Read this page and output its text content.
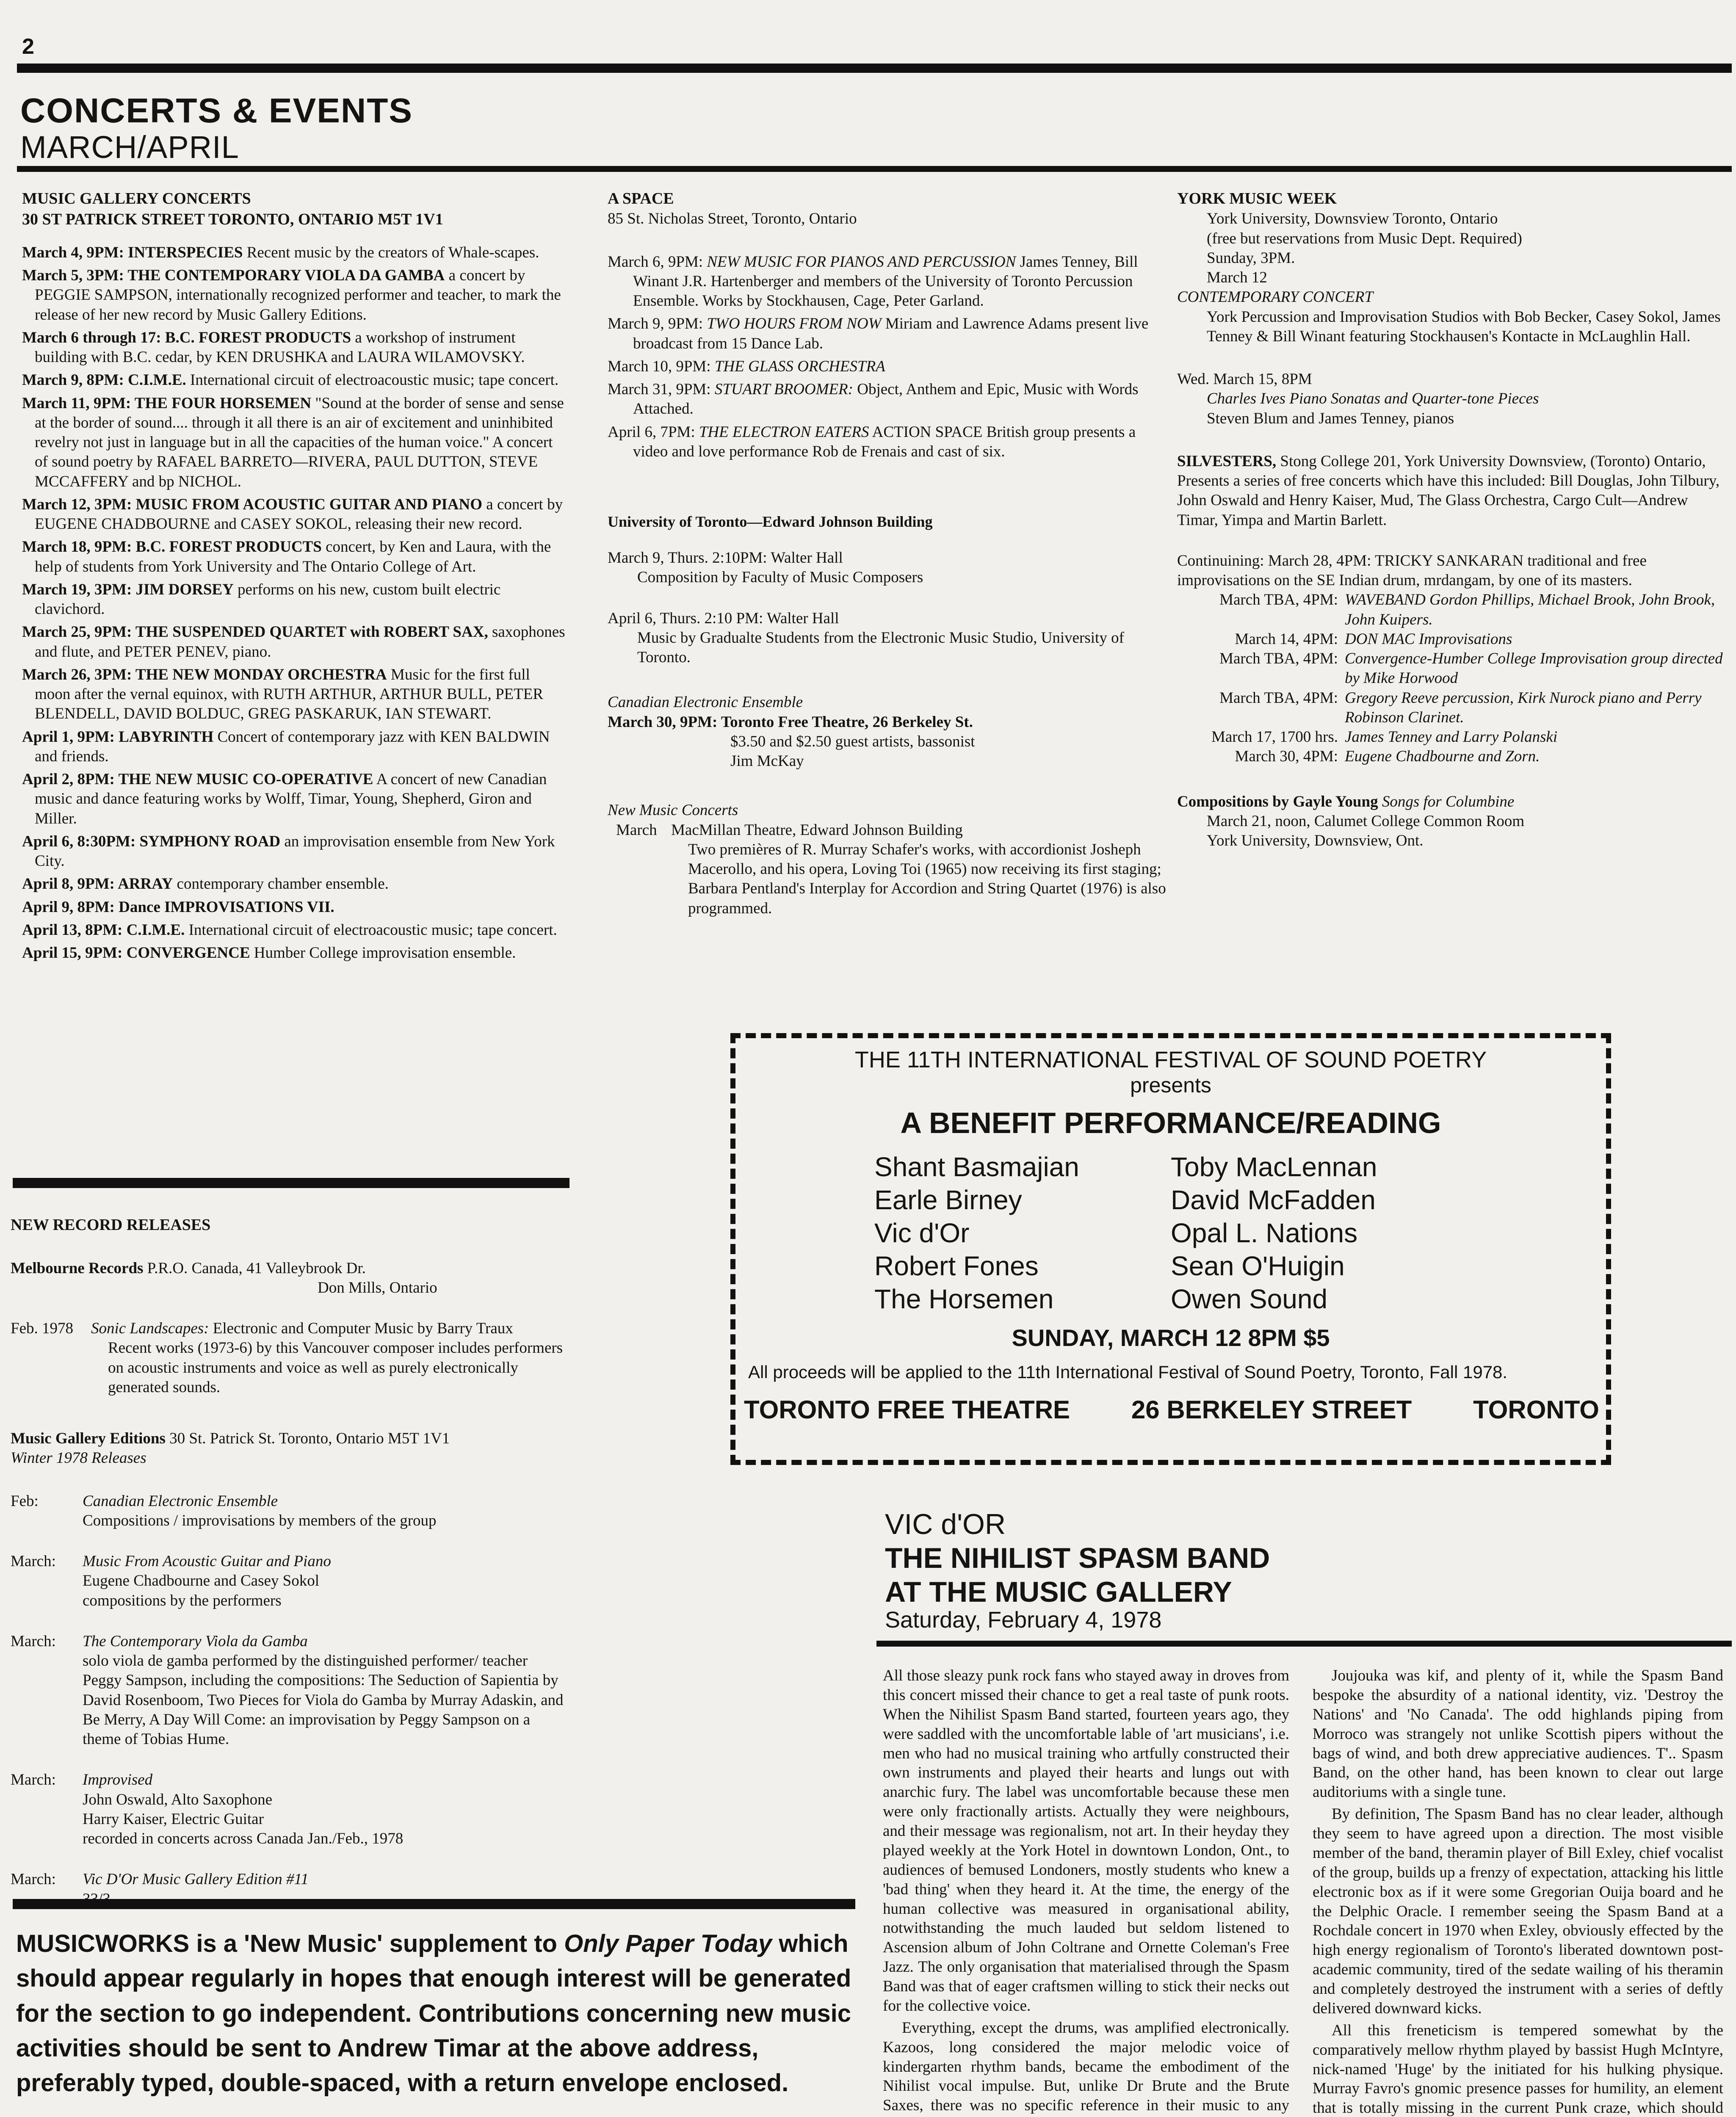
2
CONCERTS & EVENTS
MARCH/APRIL
MUSIC GALLERY CONCERTS
30 ST PATRICK STREET TORONTO, ONTARIO M5T 1V1

March 4, 9PM: INTERSPECIES Recent music by the creators of Whale-scapes.

March 5, 3PM: THE CONTEMPORARY VIOLA DA GAMBA a concert by PEGGIE SAMPSON, internationally recognized performer and teacher, to mark the release of her new record by Music Gallery Editions.

March 6 through 17: B.C. FOREST PRODUCTS a workshop of instrument building with B.C. cedar, by KEN DRUSHKA and LAURA WILAMOVSKY.

March 9, 8PM: C.I.M.E. International circuit of electroacoustic music; tape concert.

March 11, 9PM: THE FOUR HORSEMEN "Sound at the border of sense and sense at the border of sound.... through it all there is an air of excitement and uninhibited revelry not just in language but in all the capacities of the human voice." A concert of sound poetry by RAFAEL BARRETO—RIVERA, PAUL DUTTON, STEVE MCCAFFERY and bp NICHOL.

March 12, 3PM: MUSIC FROM ACOUSTIC GUITAR AND PIANO a concert by EUGENE CHADBOURNE and CASEY SOKOL, releasing their new record.

March 18, 9PM: B.C. FOREST PRODUCTS concert, by Ken and Laura, with the help of students from York University and The Ontario College of Art.

March 19, 3PM: JIM DORSEY performs on his new, custom built electric clavichord.

March 25, 9PM: THE SUSPENDED QUARTET with ROBERT SAX, saxophones and flute, and PETER PENEV, piano.

March 26, 3PM: THE NEW MONDAY ORCHESTRA Music for the first full moon after the vernal equinox, with RUTH ARTHUR, ARTHUR BULL, PETER BLENDELL, DAVID BOLDUC, GREG PASKARUK, IAN STEWART.

April 1, 9PM: LABYRINTH Concert of contemporary jazz with KEN BALDWIN and friends.

April 2, 8PM: THE NEW MUSIC CO-OPERATIVE A concert of new Canadian music and dance featuring works by Wolff, Timar, Young, Shepherd, Giron and Miller.

April 6, 8:30PM: SYMPHONY ROAD an improvisation ensemble from New York City.

April 8, 9PM: ARRAY contemporary chamber ensemble.

April 9, 8PM: Dance IMPROVISATIONS VII.

April 13, 8PM: C.I.M.E. International circuit of electroacoustic music; tape concert.

April 15, 9PM: CONVERGENCE Humber College improvisation ensemble.

NEW RECORD RELEASES
Melbourne Records P.R.O. Canada, 41 Valleybrook Dr.
Don Mills, Ontario
Feb. 1978	Sonic Landscapes: Electronic and Computer Music by Barry Traux
Recent works (1973-6) by this Vancouver composer includes performers on acoustic instruments and voice as well as purely electronically generated sounds.
Music Gallery Editions 30 St. Patrick St. Toronto, Ontario M5T 1V1
Winter 1978 Releases
Feb:	Canadian Electronic Ensemble
Compositions / improvisations by members of the group
March:	Music From Acoustic Guitar and Piano
Eugene Chadbourne and Casey Sokol
compositions by the performers
March:	The Contemporary Viola da Gamba
solo viola de gamba performed by the distinguished performer/ teacher Peggy Sampson, including the compositions: The Seduction of Sapientia by David Rosenboom, Two Pieces for Viola do Gamba by Murray Adaskin, and Be Merry, A Day Will Come: an improvisation by Peggy Sampson on a theme of Tobias Hume.
March:	Improvised
John Oswald, Alto Saxophone
Harry Kaiser, Electric Guitar
recorded in concerts across Canada Jan./Feb., 1978
March:	Vic D'Or Music Gallery Edition #11
A SPACE
85 St. Nicholas Street, Toronto, Ontario

March 6, 9PM: NEW MUSIC FOR PIANOS AND PERCUSSION James Tenney, Bill Winant J.R. Hartenberger and members of the University of Toronto Percussion Ensemble. Works by Stockhausen, Cage, Peter Garland.

March 9, 9PM: TWO HOURS FROM NOW Miriam and Lawrence Adams present live broadcast from 15 Dance Lab.

March 10, 9PM: THE GLASS ORCHESTRA

March 31, 9PM: STUART BROOMER: Object, Anthem and Epic, Music with Words Attached.

April 6, 7PM: THE ELECTRON EATERS ACTION SPACE British group presents a video and love performance Rob de Frenais and cast of six.

University of Toronto—Edward Johnson Building
March 9, Thurs. 2:10PM: Walter Hall
Composition by Faculty of Music Composers
April 6, Thurs. 2:10 PM: Walter Hall
Music by Gradualte Students from the Electronic Music Studio, University of Toronto.
Canadian Electronic Ensemble
March 30, 9PM: Toronto Free Theatre, 26 Berkeley St.
$3.50 and $2.50 guest artists, bassonist
Jim McKay
New Music Concerts
March MacMillan Theatre, Edward Johnson Building
Two premières of R. Murray Schafer's works, with accordionist Josheph Macerollo, and his opera, Loving Toi (1965) now receiving its first staging; Barbara Pentland's Interplay for Accordion and String Quartet (1976) is also programmed.
YORK MUSIC WEEK
York University, Downsview Toronto, Ontario
(free but reservations from Music Dept. Required)
Sunday, 3PM.
March 12
CONTEMPORARY CONCERT
York Percussion and Improvisation Studios with Bob Becker, Casey Sokol, James Tenney & Bill Winant featuring Stockhausen's Kontacte in McLaughlin Hall.
Wed. March 15, 8PM
Charles Ives Piano Sonatas and Quarter-tone Pieces
Steven Blum and James Tenney, pianos
SILVESTERS, Stong College 201, York University Downsview, (Toronto) Ontario, Presents a series of free concerts which have this included: Bill Douglas, John Tilbury, John Oswald and Henry Kaiser, Mud, The Glass Orchestra, Cargo Cult—Andrew Timar, Yimpa and Martin Barlett.
Continuining: March 28, 4PM: TRICKY SANKARAN traditional and free improvisations on the SE Indian drum, mrdangam, by one of its masters.
March TBA, 4PM: WAVEBAND Gordon Phillips, Michael Brook, John Brook, John Kuipers.
March 14, 4PM: DON MAC Improvisations
March TBA, 4PM: Convergence-Humber College Improvisation group directed by Mike Horwood
March TBA, 4PM: Gregory Reeve percussion, Kirk Nurock piano and Perry Robinson Clarinet.
March 17, 1700 hrs. James Tenney and Larry Polanski
March 30, 4PM: Eugene Chadbourne and Zorn.
Compositions by Gayle Young Songs for Columbine
March 21, noon, Calumet College Common Room
York University, Downsview, Ont.
THE 11TH INTERNATIONAL FESTIVAL OF SOUND POETRY
presents
A BENEFIT PERFORMANCE/READING
Shant Basmajian
Earle Birney
Vic d'Or
Robert Fones
The Horsemen
Toby MacLennan
David McFadden
Opal L. Nations
Sean O'Huigin
Owen Sound
SUNDAY, MARCH 12 8PM $5
All proceeds will be applied to the 11th International Festival of Sound Poetry, Toronto, Fall 1978.
TORONTO FREE THEATRE 26 BERKELEY STREET TORONTO
VIC d'OR
THE NIHILIST SPASM BAND
AT THE MUSIC GALLERY
Saturday, February 4, 1978

All those sleazy punk rock fans who stayed away in droves from this concert missed their chance to get a real taste of punk roots. When the Nihilist Spasm Band started, fourteen years ago, they were saddled with the uncomfortable lable of 'art musicians', i.e. men who had no musical training who artfully constructed their own instruments and played their hearts and lungs out with anarchic fury. The label was uncomfortable because these men were only fractionally artists. Actually they were neighbours, and their message was regionalism, not art. In their heyday they played weekly at the York Hotel in downtown London, Ont., to audiences of bemused Londoners, mostly students who knew a 'bad thing' when they heard it. At the time, the energy of the human collective was measured in organisational ability, notwithstanding the much lauded but seldom listened to Ascension album of John Coltrane and Ornette Coleman's Free Jazz. The only organisation that materialised through the Spasm Band was that of eager craftsmen willing to stick their necks out for the collective voice.

Everything, except the drums, was amplified electronically. Kazoos, long considered the major melodic voice of kindergarten rhythm bands, became the embodiment of the Nihilist vocal impulse. But, unlike Dr Brute and the Brute Saxes, there was no specific reference in their music to any

Joujouka was kif, and plenty of it, while the Spasm Band bespoke the absurdity of a national identity, viz. 'Destroy the Nations' and 'No Canada'. The odd highlands piping from Morroco was strangely not unlike Scottish pipers without the bags of wind, and both drew appreciative audiences. T'.. Spasm Band, on the other hand, has been known to clear out large auditoriums with a single tune.

By definition, The Spasm Band has no clear leader, although they seem to have agreed upon a direction. The most visible member of the band, theramin player of Bill Exley, chief vocalist of the group, builds up a frenzy of expectation, attacking his little electronic box as if it were some Gregorian Ouija board and he the Delphic Oracle. I remember seeing the Spasm Band at a Rochdale concert in 1970 when Exley, obviously effected by the high energy regionalism of Toronto's liberated downtown post-academic community, tired of the sedate wailing of his theramin and completely destroyed the instrument with a series of deftly delivered downward kicks.

All this freneticism is tempered somewhat by the comparatively mellow rhythm played by bassist Hugh McIntyre, nick-named 'Huge' by the initiated for his hulking physique. Murray Favro's gnomic presence passes for humility, an element that is totally missing in the current Punk craze, which should

MUSICWORKS is a 'New Music' supplement to Only Paper Today which should appear regularly in hopes that enough interest will be generated for the section to go independent. Contributions concerning new music activities should be sent to Andrew Timar at the above address, preferably typed, double-spaced, with a return envelope enclosed.
